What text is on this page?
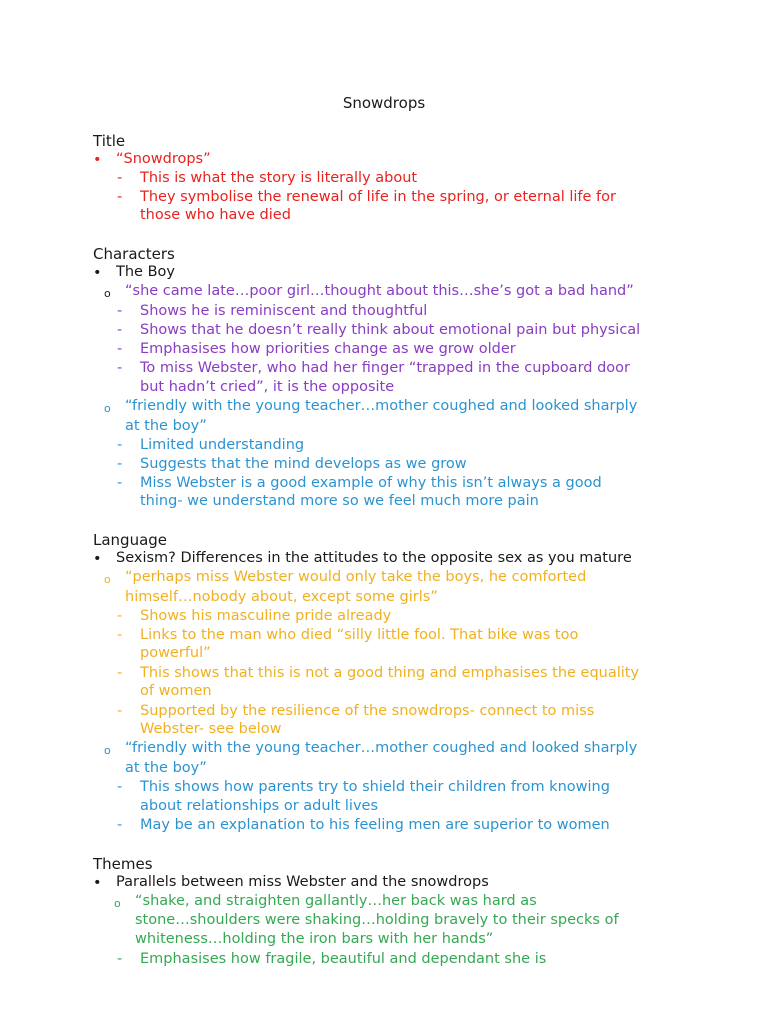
Snowdrops
Title
• “Snowdrops”
- This is what the story is literally about
- They symbolise the renewal of life in the spring, or eternal life for
those who have died
Characters
• The Boy
o “she came late…poor girl…thought about this…she’s got a bad hand”
- Shows he is reminiscent and thoughtful
- Shows that he doesn’t really think about emotional pain but physical
- Emphasises how priorities change as we grow older
- To miss Webster, who had her finger “trapped in the cupboard door
but hadn’t cried”, it is the opposite
o “friendly with the young teacher…mother coughed and looked sharply
at the boy”
- Limited understanding
- Suggests that the mind develops as we grow
- Miss Webster is a good example of why this isn’t always a good
thing- we understand more so we feel much more pain
Language
• Sexism? Differences in the attitudes to the opposite sex as you mature
o “perhaps miss Webster would only take the boys, he comforted
himself…nobody about, except some girls”
- Shows his masculine pride already
- Links to the man who died “silly little fool. That bike was too
powerful”
- This shows that this is not a good thing and emphasises the equality
of women
- Supported by the resilience of the snowdrops- connect to miss
Webster- see below
o “friendly with the young teacher…mother coughed and looked sharply
at the boy”
- This shows how parents try to shield their children from knowing
about relationships or adult lives
- May be an explanation to his feeling men are superior to women
Themes
• Parallels between miss Webster and the snowdrops
o “shake, and straighten gallantly…her back was hard as
stone…shoulders were shaking…holding bravely to their specks of
whiteness…holding the iron bars with her hands”
- Emphasises how fragile, beautiful and dependant she is
